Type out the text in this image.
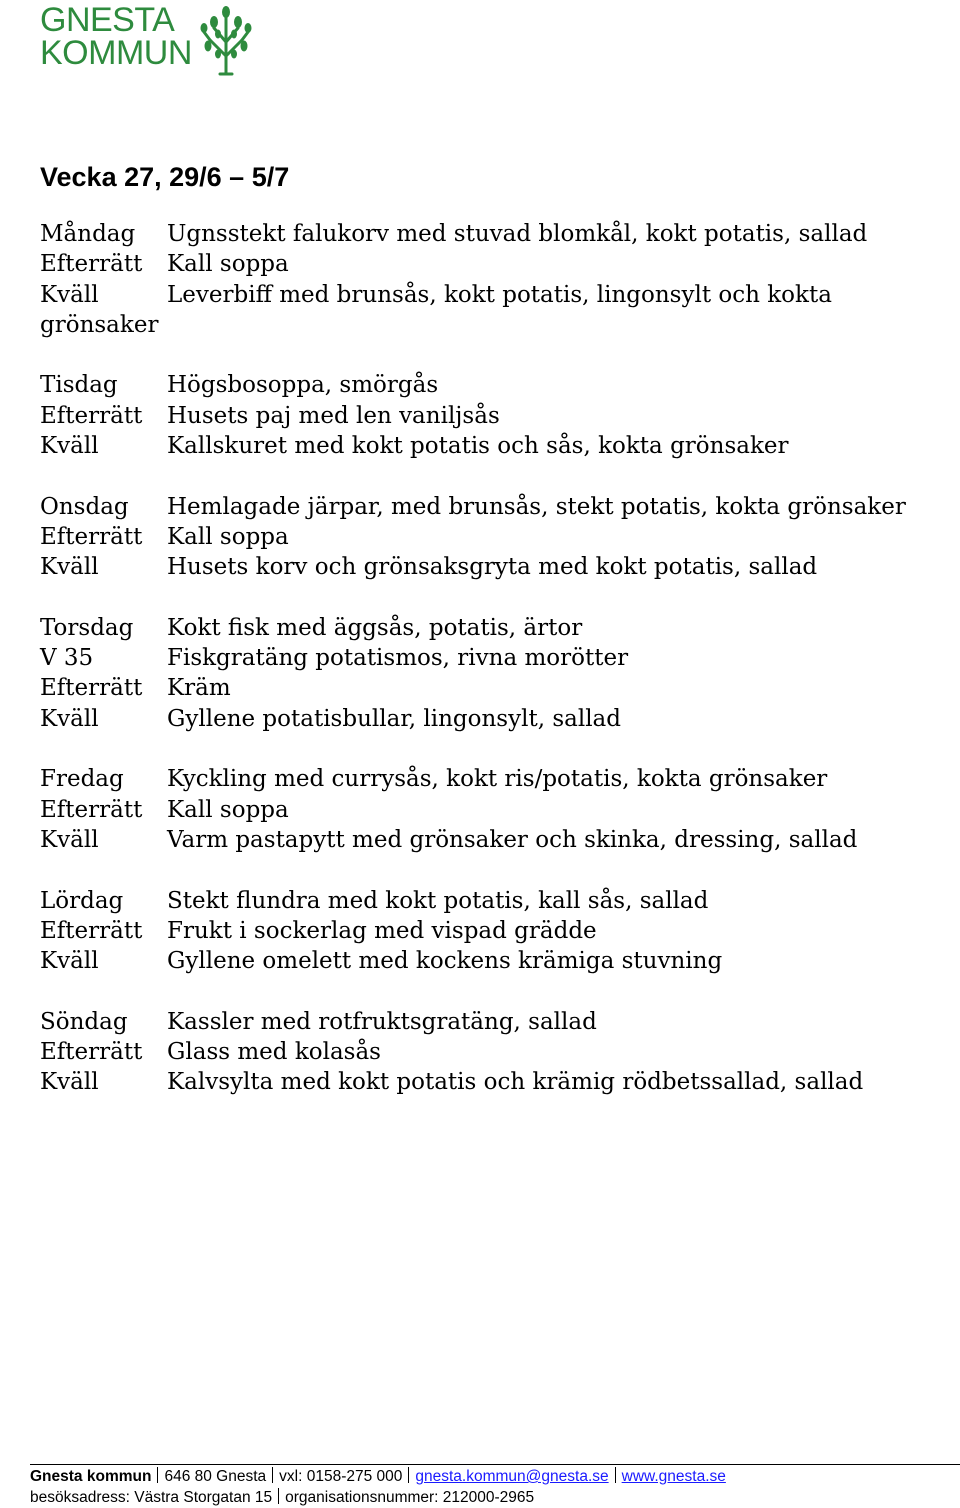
GNESTA
KOMMUN
Vecka 27, 29/6 – 5/7
Måndag	Ugnsstekt falukorv med stuvad blomkål, kokt potatis, sallad
Efterrätt	Kall soppa
Kväll	Leverbiff med brunsås, kokt potatis, lingonsylt och kokta
grönsaker
Tisdag	Högsbosoppa, smörgås
Efterrätt	Husets paj med len vaniljsås
Kväll	Kallskuret med kokt potatis och sås, kokta grönsaker
Onsdag	Hemlagade järpar, med brunsås, stekt potatis, kokta grönsaker
Efterrätt	Kall soppa
Kväll	Husets korv och grönsaksgryta med kokt potatis, sallad
Torsdag	Kokt fisk med äggsås, potatis, ärtor
V 35	Fiskgratäng potatismos, rivna morötter
Efterrätt	Kräm
Kväll	Gyllene potatisbullar, lingonsylt, sallad
Fredag	Kyckling med currysås, kokt ris/potatis, kokta grönsaker
Efterrätt	Kall soppa
Kväll	Varm pastapytt med grönsaker och skinka, dressing, sallad
Lördag	Stekt flundra med kokt potatis, kall sås, sallad
Efterrätt	Frukt i sockerlag med vispad grädde
Kväll	Gyllene omelett med kockens krämiga stuvning
Söndag	Kassler med rotfruktsgratäng, sallad
Efterrätt	Glass med kolasås
Kväll	Kalvsylta med kokt potatis och krämig rödbetssallad, sallad
Gnesta kommun 646 80 Gnesta vxl: 0158-275 000 gnesta.kommun@gnesta.se www.gnesta.se
besöksadress: Västra Storgatan 15 organisationsnummer: 212000-2965
